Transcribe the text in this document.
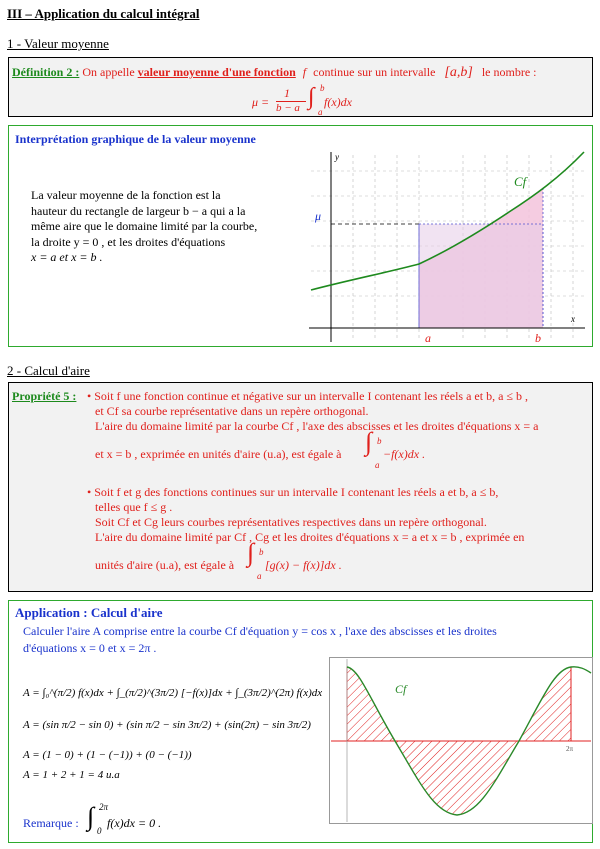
III – Application du calcul intégral
1 - Valeur moyenne
Définition 2 : On appelle valeur moyenne d'une fonction f continue sur un intervalle [a,b] le nombre :
μ =
1
b − a ∫ b
a
f(x)dx
Interprétation graphique de la valeur moyenne
La valeur moyenne de la fonction est la
hauteur du rectangle de largeur b − a qui a la
même aire que le domaine limité par la courbe,
la droite y = 0 , et les droites d'équations
x = a et x = b .
y
x
μ
Cf
a	b
2 - Calcul d'aire
Propriété 5 : • Soit f une fonction continue et négative sur un intervalle I contenant les réels a et b, a ≤ b ,
et Cf sa courbe représentative dans un repère orthogonal.
L'aire du domaine limité par la courbe Cf , l'axe des abscisses et les droites d'équations x = a
et x = b , exprimée en unités d'aire (u.a), est égale à ∫ b
a
−f(x)dx .
• Soit f et g des fonctions continues sur un intervalle I contenant les réels a et b, a ≤ b,
telles que f ≤ g .
Soit Cf et Cg leurs courbes représentatives respectives dans un repère orthogonal.
L'aire du domaine limité par Cf , Cg et les droites d'équations x = a et x = b , exprimée en
unités d'aire (u.a), est égale à ∫ b
a
[g(x) − f(x)]dx .
Application : Calcul d'aire
Calculer l'aire A comprise entre la courbe Cf d'équation y = cos x , l'axe des abscisses et les droites
d'équations x = 0 et x = 2π .
A = ∫₀^(π/2) f(x)dx + ∫_(π/2)^(3π/2) [−f(x)]dx + ∫_(3π/2)^(2π) f(x)dx
A = (sin π/2 − sin 0) + (sin π/2 − sin 3π/2) + (sin(2π) − sin 3π/2)
A = (1 − 0) + (1 − (−1)) + (0 − (−1))
A = 1 + 2 + 1 = 4 u.a
Remarque : ∫ 2π
0
f(x)dx = 0 .
Cf
2π
